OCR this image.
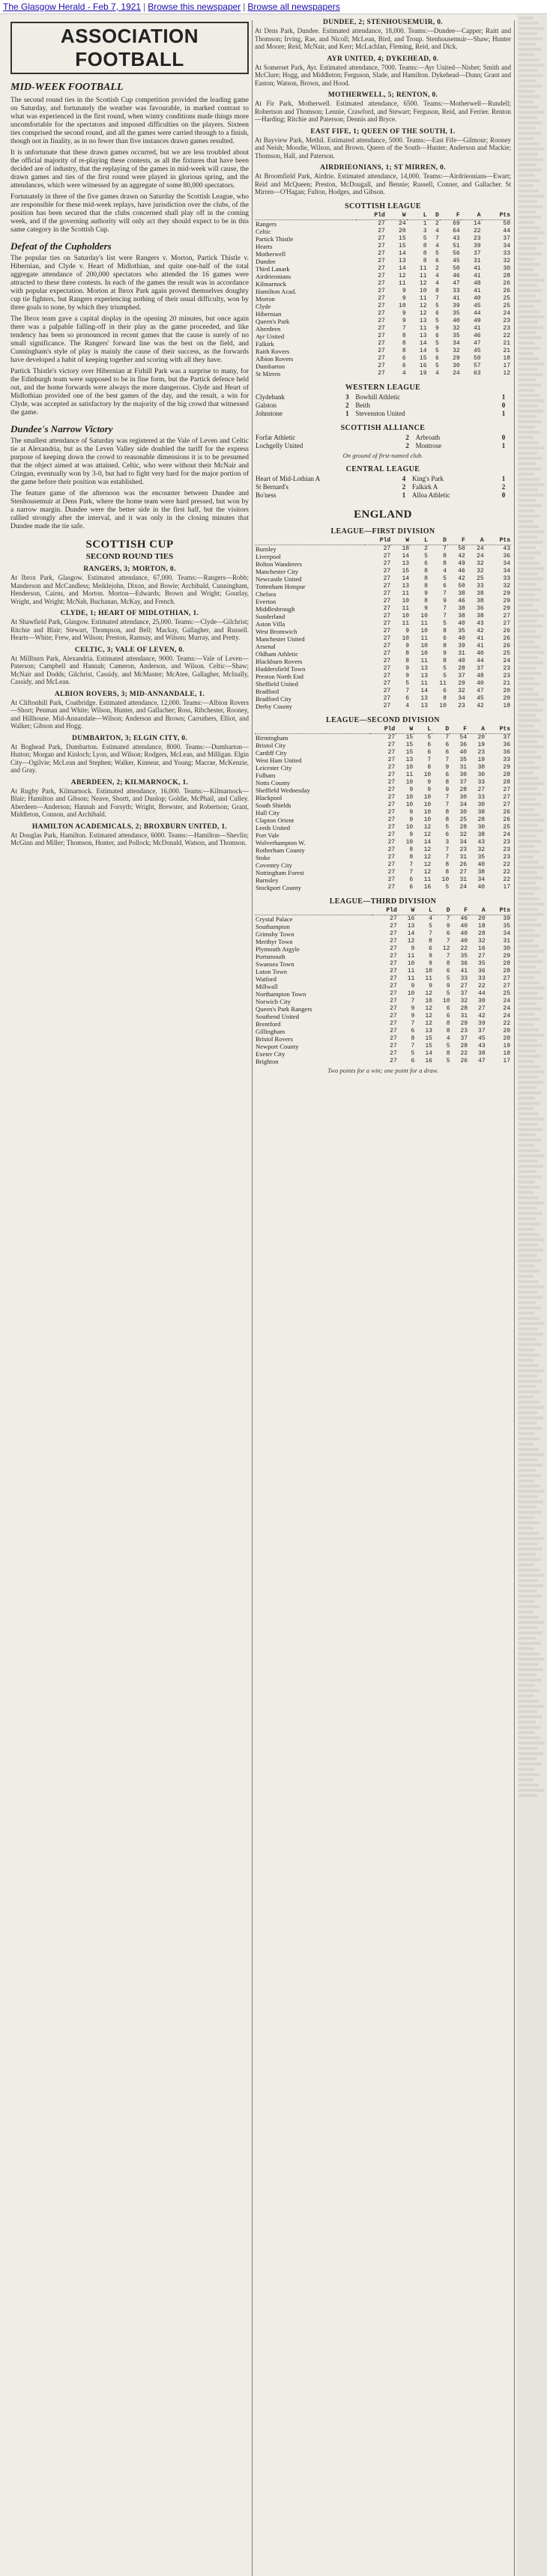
The Glasgow Herald - Feb 7, 1921 | Browse this newspaper | Browse all newspapers
ASSOCIATION FOOTBALL
MID-WEEK FOOTBALL

The second round ties in the Scottish Cup competition provided the leading game on Saturday, and fortunately the weather was favourable, in marked contrast to what was experienced in the first round, when wintry conditions made things more uncomfortable for the spectators and imposed difficulties on the players. Sixteen ties comprised the second round, and all the games were carried through to a finish, though not in finality, as in no fewer than five instances drawn games resulted.

It is unfortunate that these drawn games occurred, but we are less troubled about the official majority of re-playing these contests, as all the fixtures that have been decided are of industry, that the replaying of the games in mid-week will cause, the drawn games and ties of the first round were played in glorious spring, and the attendances, which were witnessed by an aggregate of some 80,000 spectators.

Fortunately in three of the five games drawn on Saturday the Scottish League, who are responsible for these mid-week replays, have jurisdiction over the clubs, of the position has been secured that the clubs concerned shall play off in the coming week, and if the governing authority will only act they should expect to be in this same category in the Scottish Cup.

Defeat of the Cupholders

The popular ties on Saturday's list were Rangers v. Morton, Partick Thistle v. Hibernian, and Clyde v. Heart of Midlothian, and quite one-half of the total aggregate attendance of 200,000 spectators who attended the 16 games were attracted to these three contests. In each of the games the result was in accordance with popular expectation. Morton at Ibrox Park again proved themselves doughty cup tie fighters, but Rangers experiencing nothing of their usual difficulty, won by three goals to none, by which they triumphed.

The Ibrox team gave a capital display in the opening 20 minutes, but once again there was a palpable falling-off in their play as the game proceeded, and like tendency has been so pronounced in recent games that the cause is surely of no small significance. The Rangers' forward line was the best on the field, and Cunningham's style of play is mainly the cause of their success, as the forwards have developed a habit of keeping together and scoring with all they have.

Partick Thistle's victory over Hibernian at Firhill Park was a surprise to many, for the Edinburgh team were supposed to be in fine form, but the Partick defence held out, and the home forwards were always the more dangerous. Clyde and Heart of Midlothian provided one of the best games of the day, and the result, a win for Clyde, was accepted as satisfactory by the majority of the big crowd that witnessed the game.

Dundee's Narrow Victory

The smallest attendance of Saturday was registered at the Vale of Leven and Celtic tie at Alexandria, but as the Leven Valley side doubled the tariff for the express purpose of keeping down the crowd to reasonable dimensions it is to be presumed that the object aimed at was attained. Celtic, who were without their McNair and Cringan, eventually won by 3-0, but had to fight very hard for the major portion of the game before their position was established.

The feature game of the afternoon was the encounter between Dundee and Stenhousemuir at Dens Park, where the home team were hard pressed, but won by a narrow margin. Dundee were the better side in the first half, but the visitors rallied strongly after the interval, and it was only in the closing minutes that Dundee made the tie safe.

SCOTTISH CUP
SECOND ROUND TIES
RANGERS, 3; MORTON, 0.

At Ibrox Park, Glasgow. Estimated attendance, 67,000. Teams:—Rangers—Robb; Manderson and McCandless; Meiklejohn, Dixon, and Bowie; Archibald, Cunningham, Henderson, Cairns, and Morton. Morton—Edwards; Brown and Wright; Gourlay, Wright, and Wright; McNab, Buchanan, McKay, and French.

CLYDE, 1; HEART OF MIDLOTHIAN, 1.

At Shawfield Park, Glasgow. Estimated attendance, 25,000. Teams:—Clyde—Gilchrist; Ritchie and Blair; Stewart, Thompson, and Bell; Mackay, Gallagher, and Russell. Hearts—White; Frew, and Wilson; Preston, Ramsay, and Wilson; Murray, and Pretty.

CELTIC, 3; VALE OF LEVEN, 0.

At Millburn Park, Alexandria. Estimated attendance, 9000. Teams:—Vale of Leven—Paterson; Campbell and Hannah; Cameron, Anderson, and Wilson. Celtic—Shaw; McNair and Dodds; Gilchrist, Cassidy, and McMaster; McAtee, Gallagher, McInally, Cassidy, and McLean.

ALBION ROVERS, 3; MID-ANNANDALE, 1.

At Cliftonhill Park, Coatbridge. Estimated attendance, 12,000. Teams:—Albion Rovers—Short; Penman and White; Wilson, Hunter, and Gallacher; Ross, Ribchester, Rooney, and Hillhouse. Mid-Annandale—Wilson; Anderson and Brown; Carruthers, Elliot, and Walker; Gibson and Hogg.

DUMBARTON, 3; ELGIN CITY, 0.

At Boghead Park, Dumbarton. Estimated attendance, 8000. Teams:—Dumbarton—Hutton; Morgan and Kinloch; Lyon, and Wilson; Rodgers, McLean, and Milligan. Elgin City—Ogilvie; McLean and Stephen; Walker, Kinnear, and Young; Macrae, McKenzie, and Gray.

ABERDEEN, 2; KILMARNOCK, 1.

At Rugby Park, Kilmarnock. Estimated attendance, 16,000. Teams:—Kilmarnock—Blair; Hamilton and Gibson; Neave, Shortt, and Dunlop; Goldie, McPhail, and Culley. Aberdeen—Anderson; Hannah and Forsyth; Wright, Brewster, and Robertson; Grant, Middleton, Connon, and Archibald.

HAMILTON ACADEMICALS, 2; BROXBURN UNITED, 1.

At Douglas Park, Hamilton. Estimated attendance, 6000. Teams:—Hamilton—Shevlin; McGinn and Miller; Thomson, Hunter, and Pollock; McDonald, Watson, and Thomson.

DUNDEE, 2; STENHOUSEMUIR, 0.

At Dens Park, Dundee. Estimated attendance, 18,000. Teams:—Dundee—Capper; Raitt and Thomson; Irving, Rae, and Nicoll; McLean, Bird, and Troup. Stenhousemuir—Shaw; Hunter and Moore; Reid, McNair, and Kerr; McLachlan, Fleming, Reid, and Dick.

AYR UNITED, 4; DYKEHEAD, 0.

At Somerset Park, Ayr. Estimated attendance, 7000. Teams:—Ayr United—Nisbet; Smith and McClure; Hogg, and Middleton; Ferguson, Slade, and Hamilton. Dykehead—Dunn; Grant and Easton; Watson, Brown, and Hood.

MOTHERWELL, 5; RENTON, 0.

At Fir Park, Motherwell. Estimated attendance, 6500. Teams:—Motherwell—Rundell; Robertson and Thomson; Lennie, Crawford, and Stewart; Ferguson, Reid, and Ferrier. Renton—Harding; Ritchie and Paterson; Dennis and Bryce.

EAST FIFE, 1; QUEEN OF THE SOUTH, 1.

At Bayview Park, Methil. Estimated attendance, 5000. Teams:—East Fife—Gilmour; Rooney and Neish; Moodie, Wilson, and Brown. Queen of the South—Hunter; Anderson and Mackie; Thomson, Hall, and Paterson.

AIRDRIEONIANS, 1; ST MIRREN, 0.

At Broomfield Park, Airdrie. Estimated attendance, 14,000. Teams:—Airdrieonians—Ewart; Reid and McQueen; Preston, McDougall, and Bennie; Russell, Conner, and Gallacher. St Mirren—O'Hagan; Fulton, Hodges, and Gibson.

SCOTTISH LEAGUE
	Pld	W	L	D	F	A	Pts
Rangers	27	24	1	2	69	14	50
Celtic	27	20	3	4	64	22	44
Partick Thistle	27	15	5	7	43	23	37
Hearts	27	15	8	4	51	39	34
Motherwell	27	14	8	5	56	37	33
Dundee	27	13	8	6	45	31	32
Third Lanark	27	14	11	2	50	41	30
Airdrieonians	27	12	11	4	46	41	28
Kilmarnock	27	11	12	4	47	48	26
Hamilton Acad.	27	9	10	8	33	41	26
Morton	27	9	11	7	41	40	25
Clyde	27	10	12	5	39	45	25
Hibernian	27	9	12	6	35	44	24
Queen's Park	27	9	13	5	40	49	23
Aberdeen	27	7	11	9	32	41	23
Ayr United	27	8	13	6	35	46	22
Falkirk	27	8	14	5	34	47	21
Raith Rovers	27	8	14	5	32	45	21
Albion Rovers	27	6	15	6	29	50	18
Dumbarton	27	6	16	5	30	57	17
St Mirren	27	4	19	4	24	63	12
WESTERN LEAGUE
Clydebank	3	Bowhill Athletic	1
Galston	2	Beith	0
Johnstone	1	Stevenston United	1
SCOTTISH ALLIANCE
Forfar Athletic	2	Arbroath	0
Lochgelly United	2	Montrose	1
On ground of first-named club.
CENTRAL LEAGUE
Heart of Mid-Lothian A	4	King's Park	1
St Bernard's	2	Falkirk A	2
Bo'ness	1	Alloa Athletic	0
ENGLAND
LEAGUE—FIRST DIVISION
	Pld	W	L	D	F	A	Pts
Burnley	27	18	2	7	58	24	43
Liverpool	27	14	5	8	42	24	36
Bolton Wanderers	27	13	6	8	49	32	34
Manchester City	27	15	8	4	46	32	34
Newcastle United	27	14	8	5	42	25	33
Tottenham Hotspur	27	13	8	6	50	33	32
Chelsea	27	11	9	7	38	38	29
Everton	27	10	8	9	46	38	29
Middlesbrough	27	11	9	7	38	36	29
Sunderland	27	10	10	7	38	38	27
Aston Villa	27	11	11	5	40	43	27
West Bromwich	27	9	10	8	35	42	26
Manchester United	27	10	11	6	40	41	26
Arsenal	27	9	10	8	39	41	26
Oldham Athletic	27	8	10	9	31	40	25
Blackburn Rovers	27	8	11	8	40	44	24
Huddersfield Town	27	9	13	5	28	37	23
Preston North End	27	9	13	5	37	48	23
Sheffield United	27	5	11	11	29	40	21
Bradford	27	7	14	6	32	47	20
Bradford City	27	6	13	8	34	45	20
Derby County	27	4	13	10	23	42	18
LEAGUE—SECOND DIVISION
	Pld	W	L	D	F	A	Pts
Birmingham	27	15	5	7	54	20	37
Bristol City	27	15	6	6	36	19	36
Cardiff City	27	15	6	6	40	23	36
West Ham United	27	13	7	7	35	19	33
Leicester City	27	10	8	9	31	30	29
Fulham	27	11	10	6	30	30	28
Notts County	27	10	9	8	37	33	28
Sheffield Wednesday	27	9	9	9	28	27	27
Blackpool	27	10	10	7	30	33	27
South Shields	27	10	10	7	34	30	27
Hull City	27	9	10	8	30	38	26
Clapton Orient	27	9	10	8	25	28	26
Leeds United	27	10	12	5	28	30	25
Port Vale	27	9	12	6	32	38	24
Wolverhampton W.	27	10	14	3	34	43	23
Rotherham County	27	8	12	7	23	32	23
Stoke	27	8	12	7	31	35	23
Coventry City	27	7	12	8	26	40	22
Nottingham Forest	27	7	12	8	27	38	22
Barnsley	27	6	11	10	31	34	22
Stockport County	27	6	16	5	24	40	17
LEAGUE—THIRD DIVISION
	Pld	W	L	D	F	A	Pts
Crystal Palace	27	16	4	7	46	20	39
Southampton	27	13	5	9	40	18	35
Grimsby Town	27	14	7	6	40	28	34
Merthyr Town	27	12	8	7	40	32	31
Plymouth Argyle	27	9	6	12	22	16	30
Portsmouth	27	11	9	7	35	27	29
Swansea Town	27	10	9	8	36	35	28
Luton Town	27	11	10	6	41	36	28
Watford	27	11	11	5	33	33	27
Millwall	27	9	9	9	27	22	27
Northampton Town	27	10	12	5	37	44	25
Norwich City	27	7	10	10	32	30	24
Queen's Park Rangers	27	9	12	6	28	27	24
Southend United	27	9	12	6	31	42	24
Brentford	27	7	12	8	29	39	22
Gillingham	27	6	13	8	23	37	20
Bristol Rovers	27	8	15	4	37	45	20
Newport County	27	7	15	5	28	43	19
Exeter City	27	5	14	8	22	38	18
Brighton	27	6	16	5	26	47	17
Two points for a win; one point for a draw.
